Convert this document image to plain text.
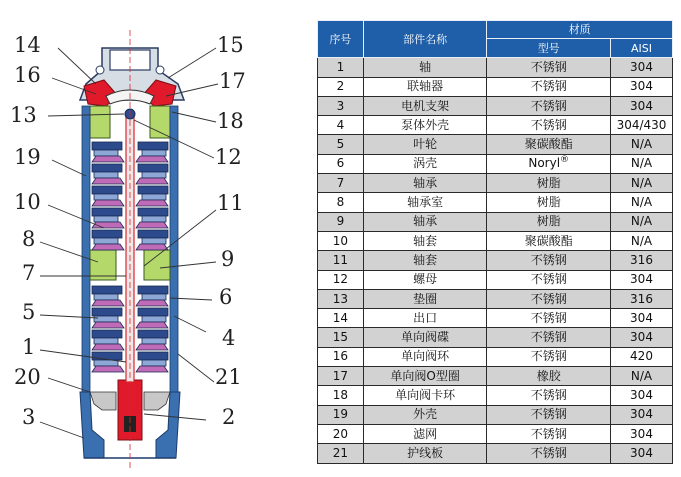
14	15
16	17
13	18
12
19
10	11
8
9
7
6
5
4
1
21
20
2
3
序号	部件名称	材质	
		型号	AISI
1	轴	不锈钢	304
2	联轴器	不锈钢	304
3	电机支架	不锈钢	304
4	泵体外壳	不锈钢	304/430
5	叶轮	聚碳酸酯	N/A
6	涡壳	Noryl®	N/A
7	轴承	树脂	N/A
8	轴承室	树脂	N/A
9	轴承	树脂	N/A
10	轴套	聚碳酸酯	N/A
11	轴套	不锈钢	316
12	螺母	不锈钢	304
13	垫圈	不锈钢	316
14	出口	不锈钢	304
15	单向阀碟	不锈钢	304
16	单向阀环	不锈钢	420
17	单向阀O型圈	橡胶	N/A
18	单向阀卡环	不锈钢	304
19	外壳	不锈钢	304
20	滤网	不锈钢	304
21	护线板	不锈钢	304
